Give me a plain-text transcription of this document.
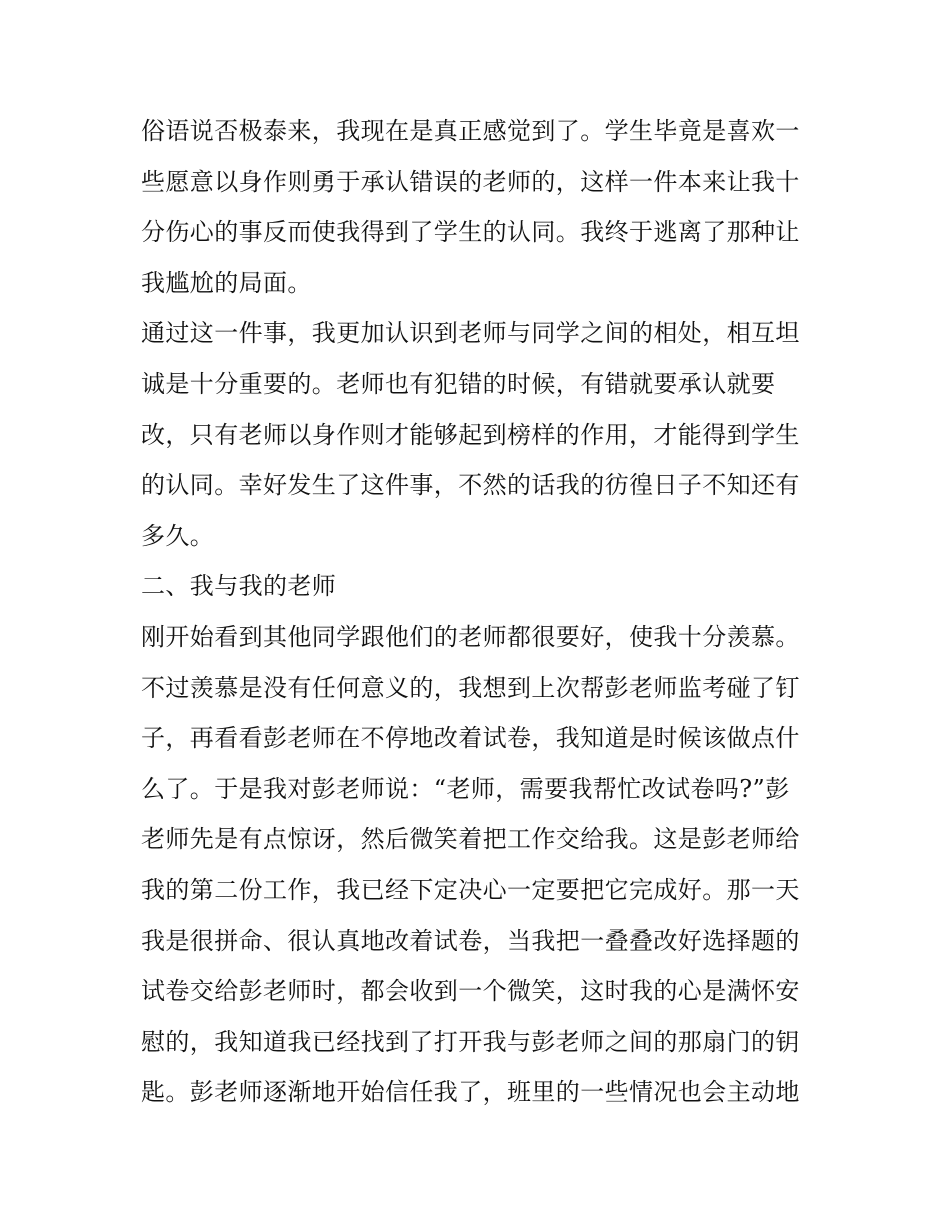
俗语说否极泰来，我现在是真正感觉到了。学生毕竟是喜欢一
些愿意以身作则勇于承认错误的老师的，这样一件本来让我十
分伤心的事反而使我得到了学生的认同。我终于逃离了那种让
我尴尬的局面。
通过这一件事，我更加认识到老师与同学之间的相处，相互坦
诚是十分重要的。老师也有犯错的时候，有错就要承认就要
改，只有老师以身作则才能够起到榜样的作用，才能得到学生
的认同。幸好发生了这件事，不然的话我的彷徨日子不知还有
多久。
二、我与我的老师
刚开始看到其他同学跟他们的老师都很要好，使我十分羡慕。
不过羡慕是没有任何意义的，我想到上次帮彭老师监考碰了钉
子，再看看彭老师在不停地改着试卷，我知道是时候该做点什
么了。于是我对彭老师说：“老师，需要我帮忙改试卷吗?”彭
老师先是有点惊讶，然后微笑着把工作交给我。这是彭老师给
我的第二份工作，我已经下定决心一定要把它完成好。那一天
我是很拼命、很认真地改着试卷，当我把一叠叠改好选择题的
试卷交给彭老师时，都会收到一个微笑，这时我的心是满怀安
慰的，我知道我已经找到了打开我与彭老师之间的那扇门的钥
匙。彭老师逐渐地开始信任我了，班里的一些情况也会主动地
